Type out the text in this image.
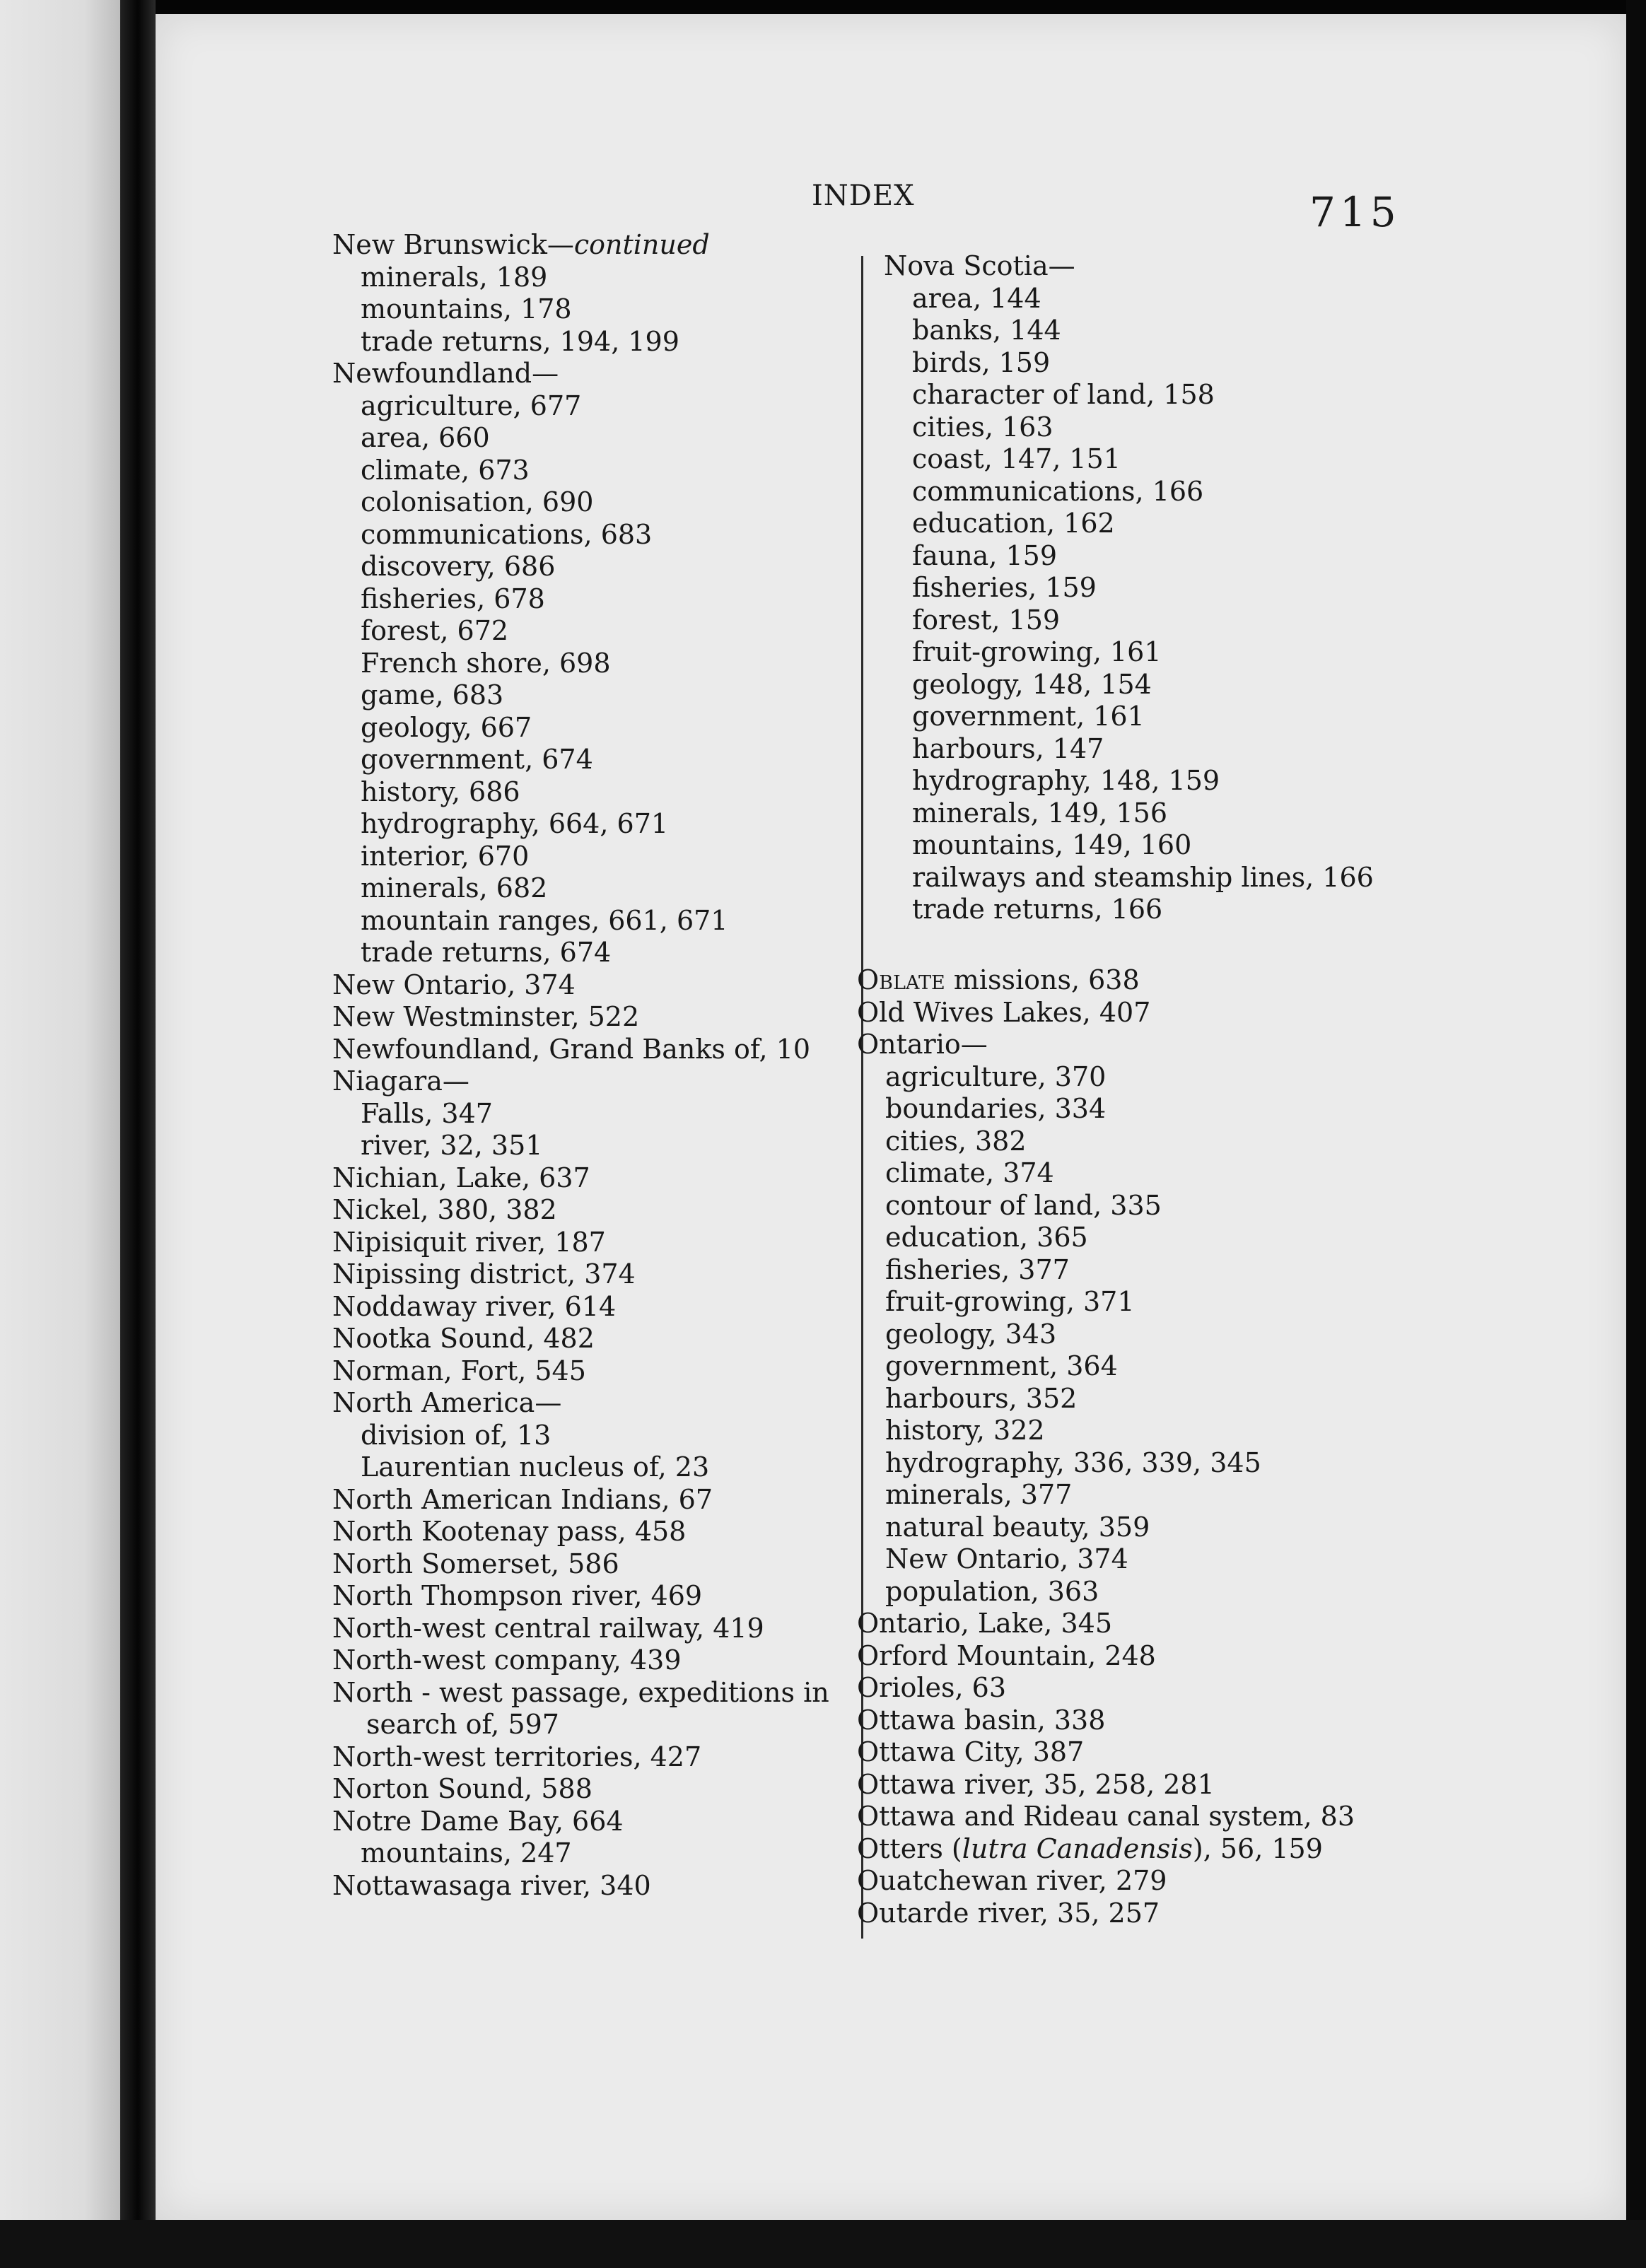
INDEX	715
New Brunswick—continued
minerals, 189
mountains, 178
trade returns, 194, 199
Newfoundland—
agriculture, 677
area, 660
climate, 673
colonisation, 690
communications, 683
discovery, 686
fisheries, 678
forest, 672
French shore, 698
game, 683
geology, 667
government, 674
history, 686
hydrography, 664, 671
interior, 670
minerals, 682
mountain ranges, 661, 671
trade returns, 674
New Ontario, 374
New Westminster, 522
Newfoundland, Grand Banks of, 10
Niagara—
Falls, 347
river, 32, 351
Nichian, Lake, 637
Nickel, 380, 382
Nipisiquit river, 187
Nipissing district, 374
Noddaway river, 614
Nootka Sound, 482
Norman, Fort, 545
North America—
division of, 13
Laurentian nucleus of, 23
North American Indians, 67
North Kootenay pass, 458
North Somerset, 586
North Thompson river, 469
North-west central railway, 419
North-west company, 439
North - west passage, expeditions in
search of, 597
North-west territories, 427
Norton Sound, 588
Notre Dame Bay, 664
mountains, 247
Nottawasaga river, 340
Nova Scotia—
area, 144
banks, 144
birds, 159
character of land, 158
cities, 163
coast, 147, 151
communications, 166
education, 162
fauna, 159
fisheries, 159
forest, 159
fruit-growing, 161
geology, 148, 154
government, 161
harbours, 147
hydrography, 148, 159
minerals, 149, 156
mountains, 149, 160
railways and steamship lines, 166
trade returns, 166
Oblate missions, 638
Old Wives Lakes, 407
Ontario—
agriculture, 370
boundaries, 334
cities, 382
climate, 374
contour of land, 335
education, 365
fisheries, 377
fruit-growing, 371
geology, 343
government, 364
harbours, 352
history, 322
hydrography, 336, 339, 345
minerals, 377
natural beauty, 359
New Ontario, 374
population, 363
Ontario, Lake, 345
Orford Mountain, 248
Orioles, 63
Ottawa basin, 338
Ottawa City, 387
Ottawa river, 35, 258, 281
Ottawa and Rideau canal system, 83
Otters (lutra Canadensis), 56, 159
Ouatchewan river, 279
Outarde river, 35, 257
